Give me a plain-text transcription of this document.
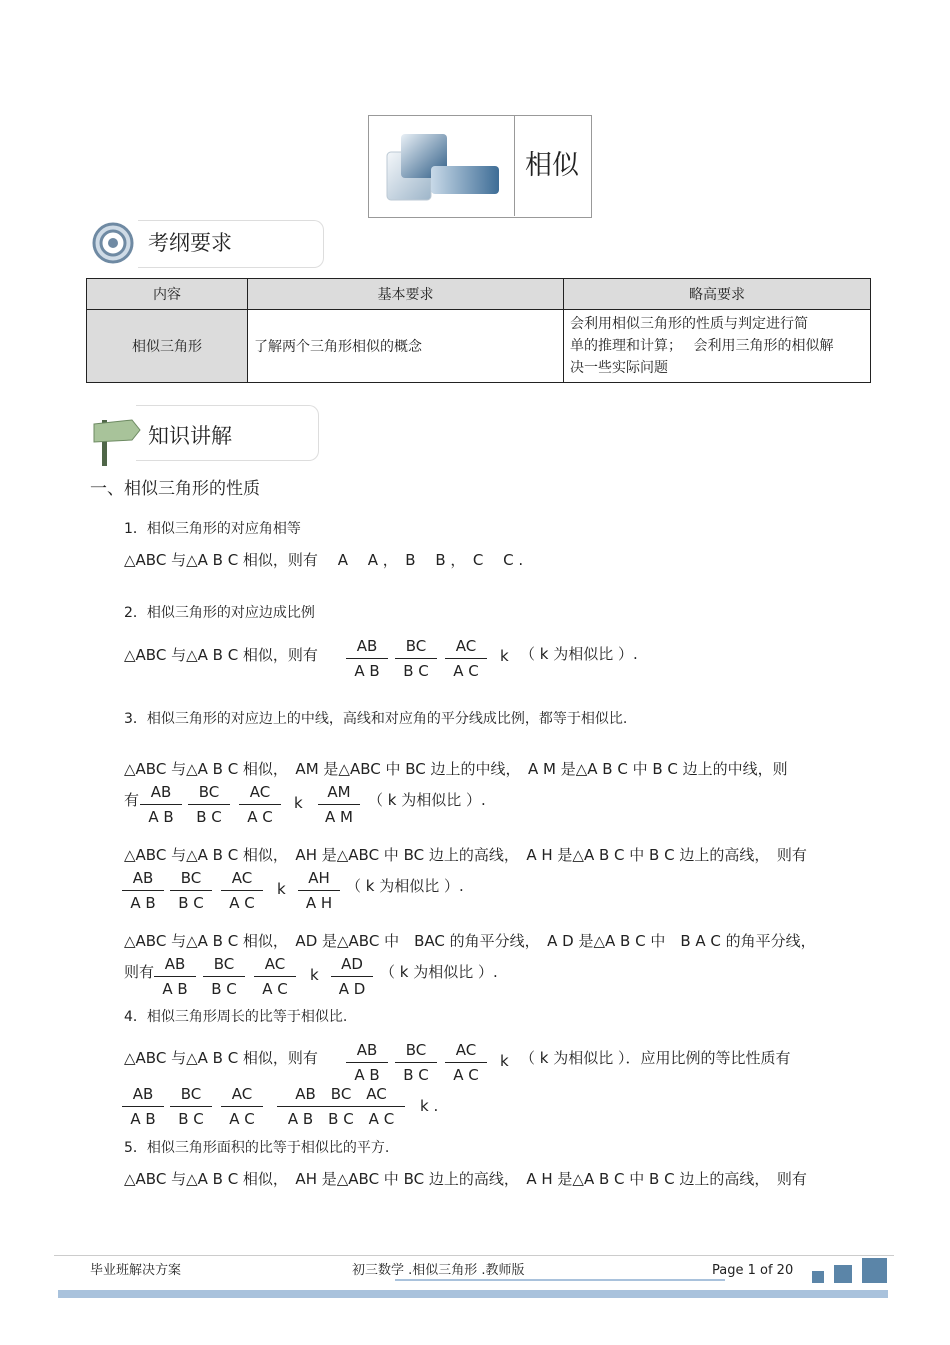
相似
考纲要求
内容	基本要求	略高要求
相似三角形	了解两个三角形相似的概念	会利用相似三角形的性质与判定进行简
单的推理和计算；　 会利用三角形的相似解
决一些实际问题
知识讲解
一、相似三角形的性质
1．相似三角形的对应角相等
△ABC 与△A B C 相似，则有　 A　 A ，　B　 B ，　C　 C .
2．相似三角形的对应边成比例
△ABC 与△A B C 相似，则有 $\frac{AB}{\text{A B}} \frac{BC}{\text{B C}} \frac{AC}{\text{A C}}$ k （ k 为相似比 ）.
3．相似三角形的对应边上的中线，高线和对应角的平分线成比例，都等于相似比.
△ABC 与△A B C 相似，　AM 是△ABC 中 BC 边上的中线，　A M 是△A B C 中 B C 边上的中线，则
有 $\frac{AB}{\text{A B}} \frac{BC}{\text{B C}} \frac{AC}{\text{A C}}$ k $\frac{AM}{\text{A M}}$ （ k 为相似比 ）.
△ABC 与△A B C 相似，　AH 是△ABC 中 BC 边上的高线，　A H 是△A B C 中 B C 边上的高线，　则有
$\frac{AB}{\text{A B}} \frac{BC}{\text{B C}} \frac{AC}{\text{A C}}$ k $\frac{AH}{\text{A H}}$ （ k 为相似比 ）.
△ABC 与△A B C 相似，　AD 是△ABC 中　BAC 的角平分线，　A D 是△A B C 中　B A C 的角平分线，
则有 $\frac{AB}{\text{A B}} \frac{BC}{\text{B C}} \frac{AC}{\text{A C}}$ k $\frac{AD}{\text{A D}}$ （ k 为相似比 ）.
4．相似三角形周长的比等于相似比.
△ABC 与△A B C 相似，则有 $\frac{AB}{\text{A B}} \frac{BC}{\text{B C}} \frac{AC}{\text{A C}}$ k （ k 为相似比 ）．应用比例的等比性质有
$\frac{AB}{\text{A B}} \frac{BC}{\text{B C}} \frac{AC}{\text{A C}} \frac{\text{AB　BC　AC}}{\text{A B　B C　A C}}$ k .
5．相似三角形面积的比等于相似比的平方.
△ABC 与△A B C 相似，　AH 是△ABC 中 BC 边上的高线，　A H 是△A B C 中 B C 边上的高线，　则有
毕业班解决方案	初三数学 .相似三角形 .教师版	Page 1 of 20
